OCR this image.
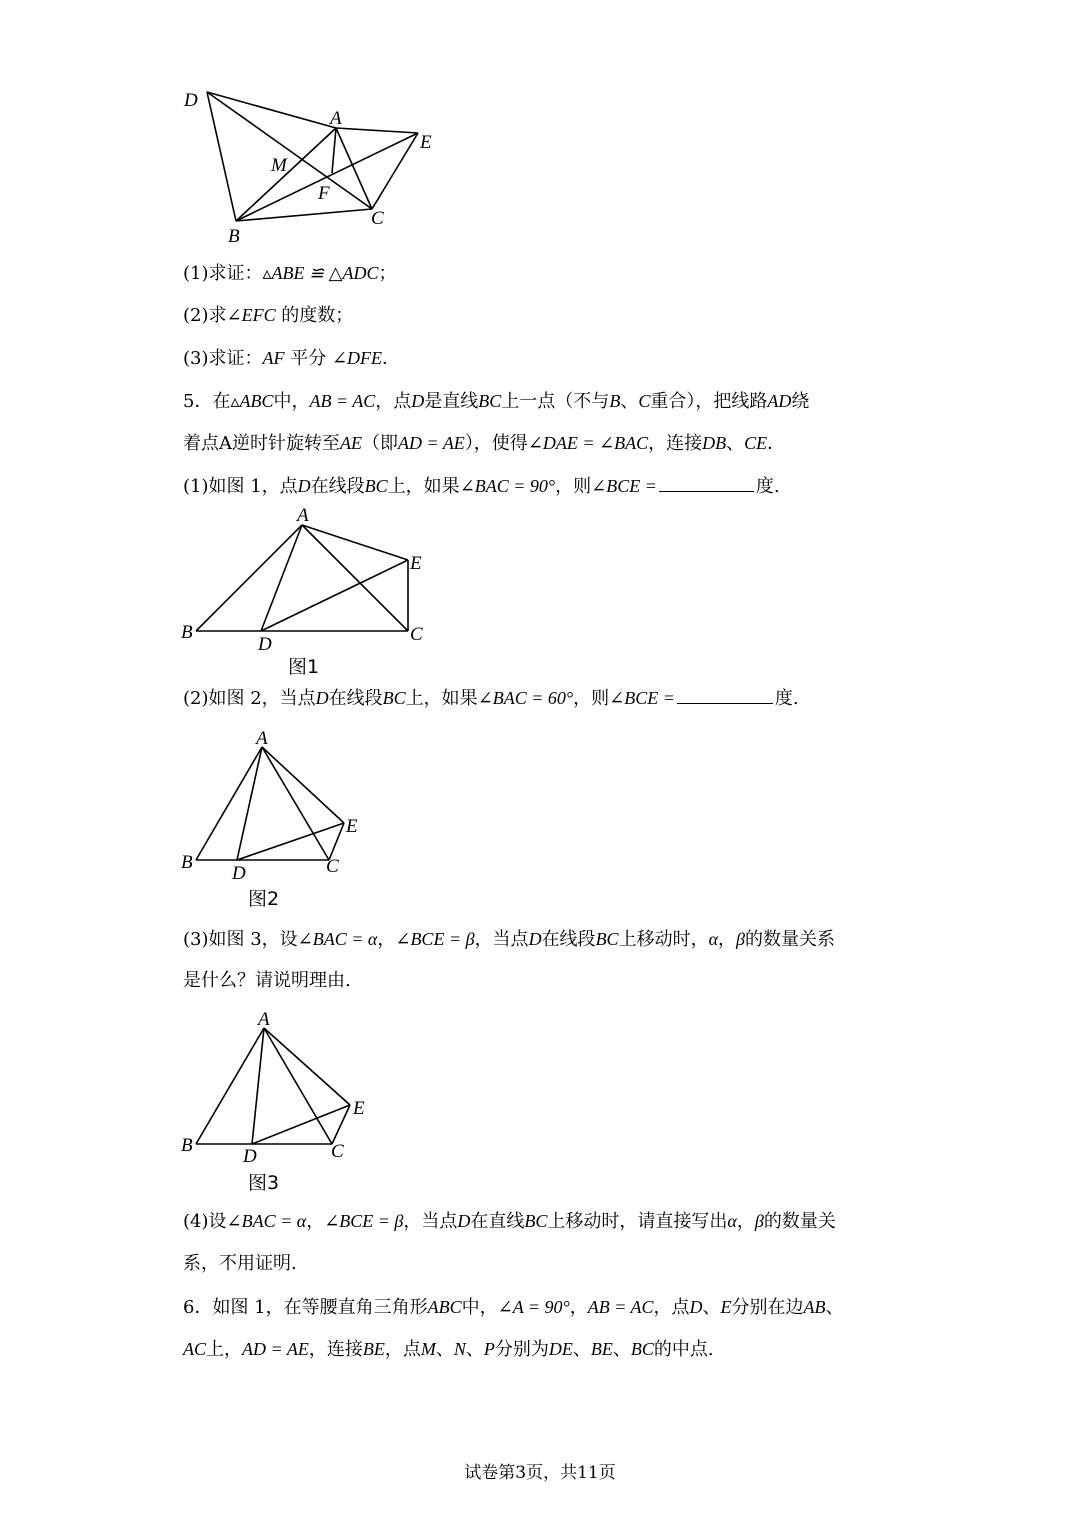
D
A
E
M
F
B
C
(1)求证：▵ABE ≌ △ADC；
(2)求∠EFC 的度数；
(3)求证：AF 平分 ∠DFE．
5．在▵ABC中，AB = AC，点D是直线BC上一点（不与B、C重合），把线路AD绕
着点A逆时针旋转至AE（即AD = AE），使得∠DAE = ∠BAC，连接DB、CE．
(1)如图 1，点D在线段BC上，如果∠BAC = 90°，则∠BCE =	度.
A
E
B
D	C
图1
(2)如图 2，当点D在线段BC上，如果∠BAC = 60°，则∠BCE =	度.
A
E
B
D	C
图2
(3)如图 3，设∠BAC = α，∠BCE = β，当点D在线段BC上移动时，α，β的数量关系
是什么？请说明理由.
A
E
B
D	C
图3
(4)设∠BAC = α，∠BCE = β，当点D在直线BC上移动时，请直接写出α，β的数量关
系，不用证明.
6．如图 1，在等腰直角三角形ABC中，∠A = 90°，AB = AC，点D、E分别在边AB、
AC上，AD = AE，连接BE，点M、N、P分别为DE、BE、BC的中点.
试卷第3页，共11页
